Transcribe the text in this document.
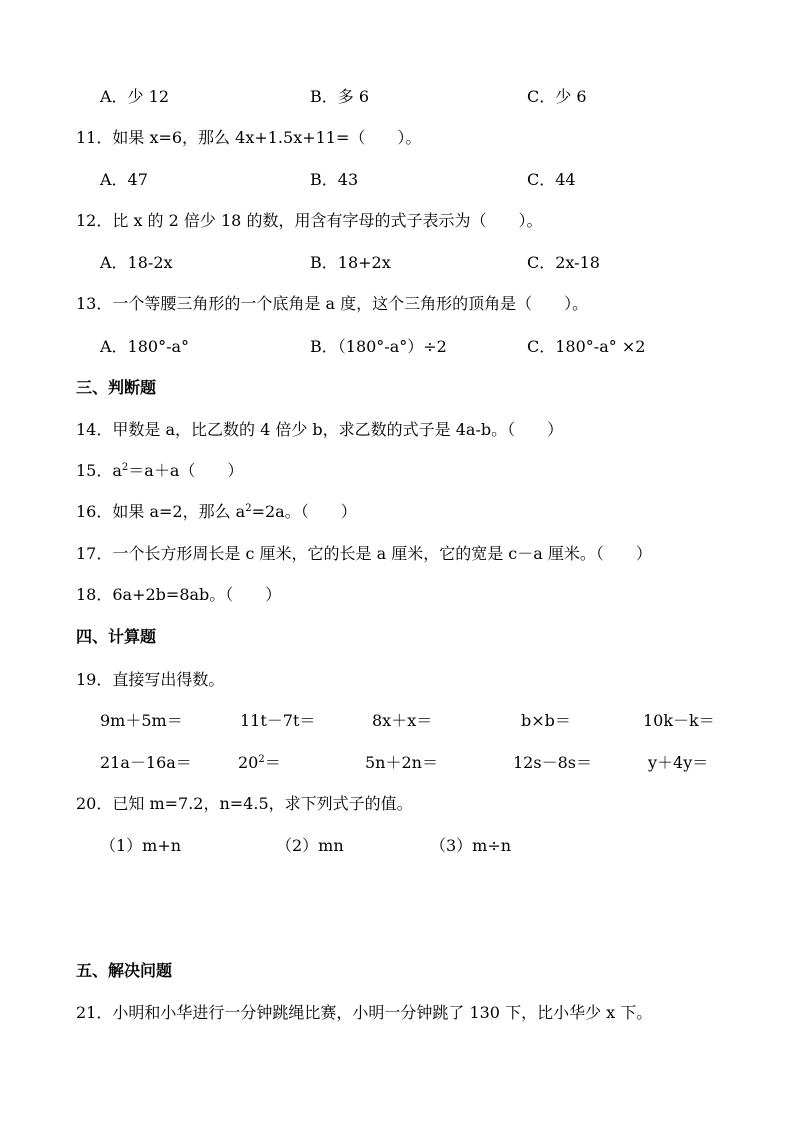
A．少 12	B．多 6	C．少 6
11．如果 x=6，那么 4x+1.5x+11=（　　）。
A．47	B．43	C．44
12．比 x 的 2 倍少 18 的数，用含有字母的式子表示为（　　）。
A．18-2x	B．18+2x	C．2x-18
13．一个等腰三角形的一个底角是 a 度，这个三角形的顶角是（　　）。
A．180°-a°	B．（180°-a°）÷2	C．180°-a° ×2
三、判断题
14．甲数是 a，比乙数的 4 倍少 b，求乙数的式子是 4a-b。（　　）
15．$a^2=a+a$（　　）
16．如果 a=2，那么 $a^2=2a$。（　　）
17．一个长方形周长是 c 厘米，它的长是 a 厘米，它的宽是 c－a 厘米。（　　）
18．6a+2b=8ab。（　　）
四、计算题
19．直接写出得数。
9m＋5m＝	11t－7t＝	8x＋x＝	b×b＝	10k－k＝
21a－16a＝	$20^2=$	5n＋2n＝	12s－8s＝	y＋4y＝
20．已知 m=7.2，n=4.5，求下列式子的值。
（1）m+n	（2）mn	（3）m÷n
五、解决问题
21．小明和小华进行一分钟跳绳比赛，小明一分钟跳了 130 下，比小华少 x 下。
